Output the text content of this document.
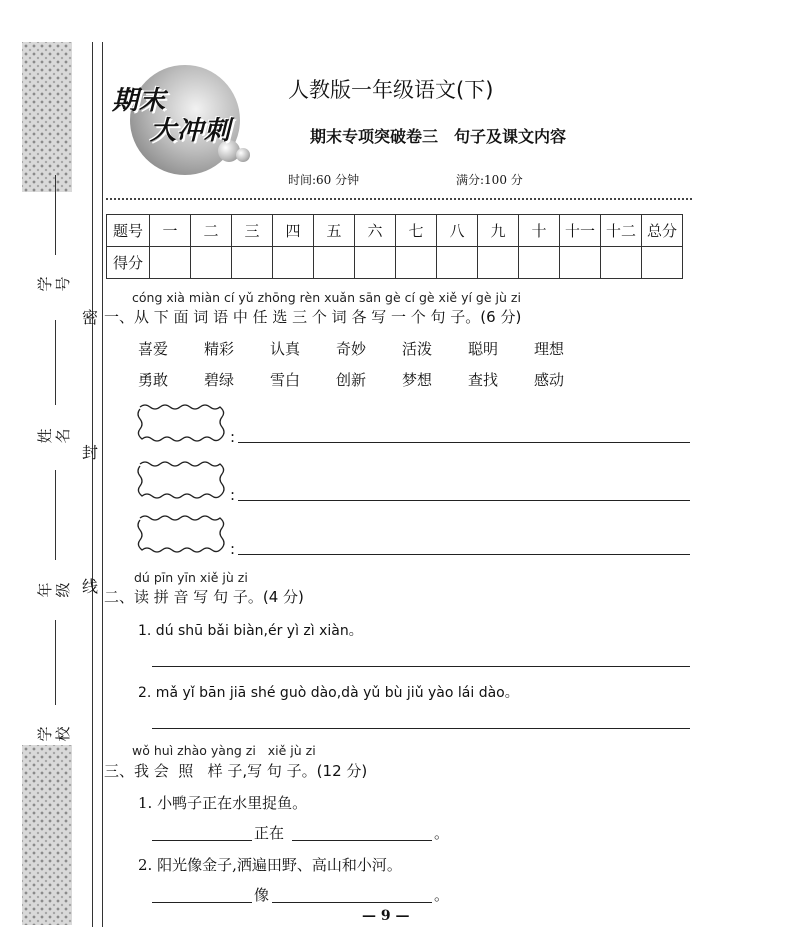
学号
姓名
年级
学校
密
封
线
期末
大冲刺
人教版一年级语文(下)
期末专项突破卷三　句子及课文内容
时间:60 分钟	满分:100 分
题号	一	二	三	四	五	六	七	八	九	十	十一	十二	总分
得分													
cóng xià miàn cí yǔ zhōng rèn xuǎn sān gè cí gè xiě yí gè jù zi
一、从 下 面 词 语 中 任 选 三 个 词 各 写 一 个 句 子。(6 分)
喜爱 精彩 认真 奇妙 活泼 聪明 理想
勇敢 碧绿 雪白 创新 梦想 查找 感动
:
:
:
dú pīn yīn xiě jù zi
二、读 拼 音 写 句 子。(4 分)
1. dú shū bǎi biàn,ér yì zì xiàn。
2. mǎ yǐ bān jiā shé guò dào,dà yǔ bù jiǔ yào lái dào。
wǒ huì zhào yàng zi   xiě jù zi
三、我 会  照   样 子,写 句 子。(12 分)
1. 小鸭子正在水里捉鱼。
正在	。
2. 阳光像金子,洒遍田野、高山和小河。
像	。
— 9 —
